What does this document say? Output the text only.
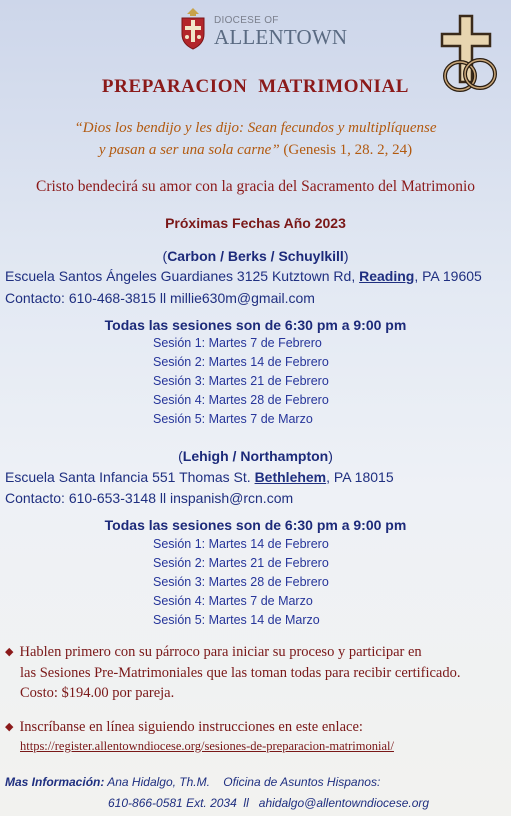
DIOCESE OF
ALLENTOWN
PREPARACION  MATRIMONIAL
“Dios los bendijo y les dijo: Sean fecundos y multiplíquense
y pasan a ser una sola carne” (Genesis 1, 28. 2, 24)
Cristo bendecirá su amor con la gracia del Sacramento del Matrimonio
Próximas Fechas Año 2023
(Carbon / Berks / Schuylkill)
Escuela Santos Ángeles Guardianes 3125 Kutztown Rd, Reading, PA 19605
Contacto: 610-468-3815 ll millie630m@gmail.com
Todas las sesiones son de 6:30 pm a 9:00 pm
Sesión 1: Martes 7 de Febrero
Sesión 2: Martes 14 de Febrero
Sesión 3: Martes 21 de Febrero
Sesión 4: Martes 28 de Febrero
Sesión 5: Martes 7 de Marzo
(Lehigh / Northampton)
Escuela Santa Infancia 551 Thomas St. Bethlehem, PA 18015
Contacto: 610-653-3148 ll inspanish@rcn.com
Todas las sesiones son de 6:30 pm a 9:00 pm
Sesión 1: Martes 14 de Febrero
Sesión 2: Martes 21 de Febrero
Sesión 3: Martes 28 de Febrero
Sesión 4: Martes 7 de Marzo
Sesión 5: Martes 14 de Marzo
◆ Hablen primero con su párroco para iniciar su proceso y participar en
las Sesiones Pre-Matrimoniales que las toman todas para recibir certificado.
Costo: $194.00 por pareja.
◆ Inscríbanse en línea siguiendo instrucciones en este enlace:
https://register.allentowndiocese.org/sesiones-de-preparacion-matrimonial/
Mas Información: Ana Hidalgo, Th.M.    Oficina de Asuntos Hispanos:
610-866-0581 Ext. 2034  ll   ahidalgo@allentowndiocese.org
